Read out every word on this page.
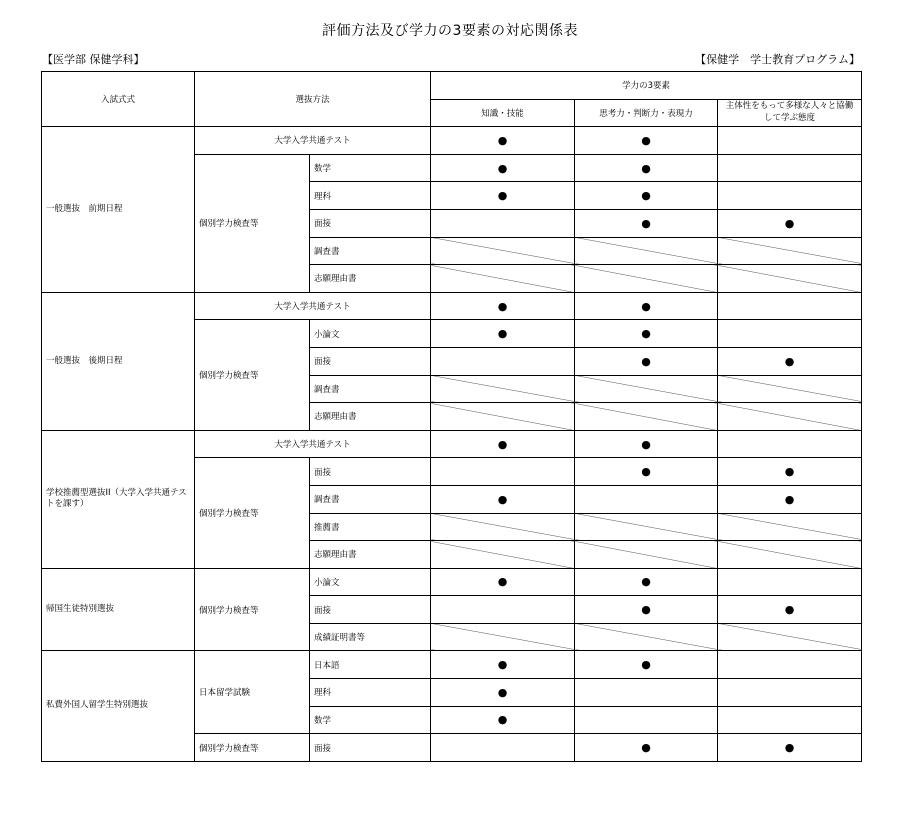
評価方法及び学力の3要素の対応関係表
【医学部 保健学科】	【保健学　学士教育プログラム】
入試式式	選抜方法		学力の3要素		
			知識・技能	思考力・判断力・表現力	主体性をもって多様な人々と協働して学ぶ態度
一般選抜　前期日程	大学入学共通テスト		●	●	
	個別学力検査等	数学	●	●	
		理科	●	●	
		面接		●	●
		調査書			
		志願理由書			
一般選抜　後期日程	大学入学共通テスト		●	●	
	個別学力検査等	小論文	●	●	
		面接		●	●
		調査書			
		志願理由書			
学校推薦型選抜II（大学入学共通テストを課す）	大学入学共通テスト		●	●	
	個別学力検査等	面接		●	●
		調査書	●		●
		推薦書			
		志願理由書			
帰国生徒特別選抜	個別学力検査等	小論文	●	●	
		面接		●	●
		成績証明書等			
私費外国人留学生特別選抜	日本留学試験	日本語	●	●	
		理科	●		
		数学	●		
	個別学力検査等	面接		●	●
